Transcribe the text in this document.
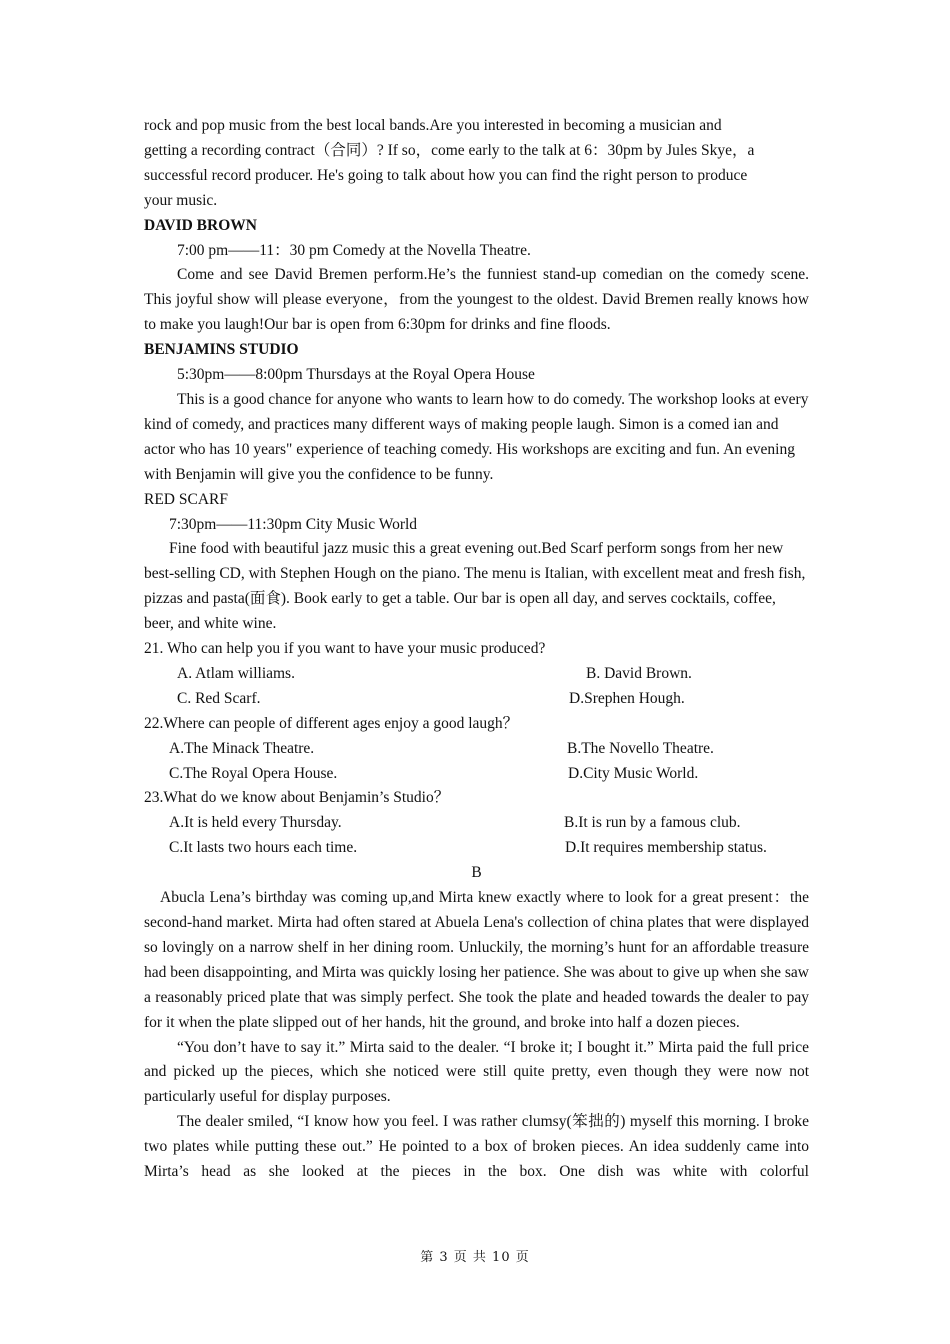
rock and pop music from the best local bands.Are you interested in becoming a musician and

getting a recording contract（合同）? If so，come early to the talk at 6：30pm by Jules Skye，a

successful record producer. He's going to talk about how you can find the right person to produce

your music.

DAVID BROWN

7:00 pm——11：30 pm Comedy at the Novella Theatre.

Come and see David Bremen perform.He’s the funniest stand-up comedian on the comedy scene. This joyful show will please everyone，from the youngest to the oldest. David Bremen really knows how to make you laugh!Our bar is open from 6:30pm for drinks and fine floods.

BENJAMINS STUDIO

5:30pm——8:00pm Thursdays at the Royal Opera House

This is a good chance for anyone who wants to learn how to do comedy. The workshop looks at every kind of comedy, and practices many different ways of making people laugh. Simon is a comed ian and actor who has 10 years" experience of teaching comedy. His workshops are exciting and fun. An evening with Benjamin will give you the confidence to be funny.

RED SCARF

7:30pm——11:30pm City Music World

Fine food with beautiful jazz music this a great evening out.Bed Scarf perform songs from her new best-selling CD, with Stephen Hough on the piano. The menu is Italian, with excellent meat and fresh fish, pizzas and pasta(面食). Book early to get a table. Our bar is open all day, and serves cocktails, coffee, beer, and white wine.

21. Who can help you if you want to have your music produced?

A. Atlam williams.	B. David Brown.
C. Red Scarf.	D.Srephen Hough.

22.Where can people of different ages enjoy a good laugh？

A.The Minack Theatre.	B.The Novello Theatre.
C.The Royal Opera House.	D.City Music World.

23.What do we know about Benjamin’s Studio？

A.It is held every Thursday.	B.It is run by a famous club.
C.It lasts two hours each time.	D.It requires membership status.

B

Abucla Lena’s birthday was coming up,and Mirta knew exactly where to look for a great present：the second-hand market. Mirta had often stared at Abuela Lena's collection of china plates that were displayed so lovingly on a narrow shelf in her dining room. Unluckily, the morning’s hunt for an affordable treasure had been disappointing, and Mirta was quickly losing her patience. She was about to give up when she saw a reasonably priced plate that was simply perfect. She took the plate and headed towards the dealer to pay for it when the plate slipped out of her hands, hit the ground, and broke into half a dozen pieces.

“You don’t have to say it.” Mirta said to the dealer. “I broke it; I bought it.” Mirta paid the full price and picked up the pieces, which she noticed were still quite pretty, even though they were now not particularly useful for display purposes.

The dealer smiled, “I know how you feel. I was rather clumsy(笨拙的) myself this morning. I broke two plates while putting these out.” He pointed to a box of broken pieces. An idea suddenly came into Mirta’s head as she looked at the pieces in the box. One dish was white with colorful

第 3 页 共 10 页
